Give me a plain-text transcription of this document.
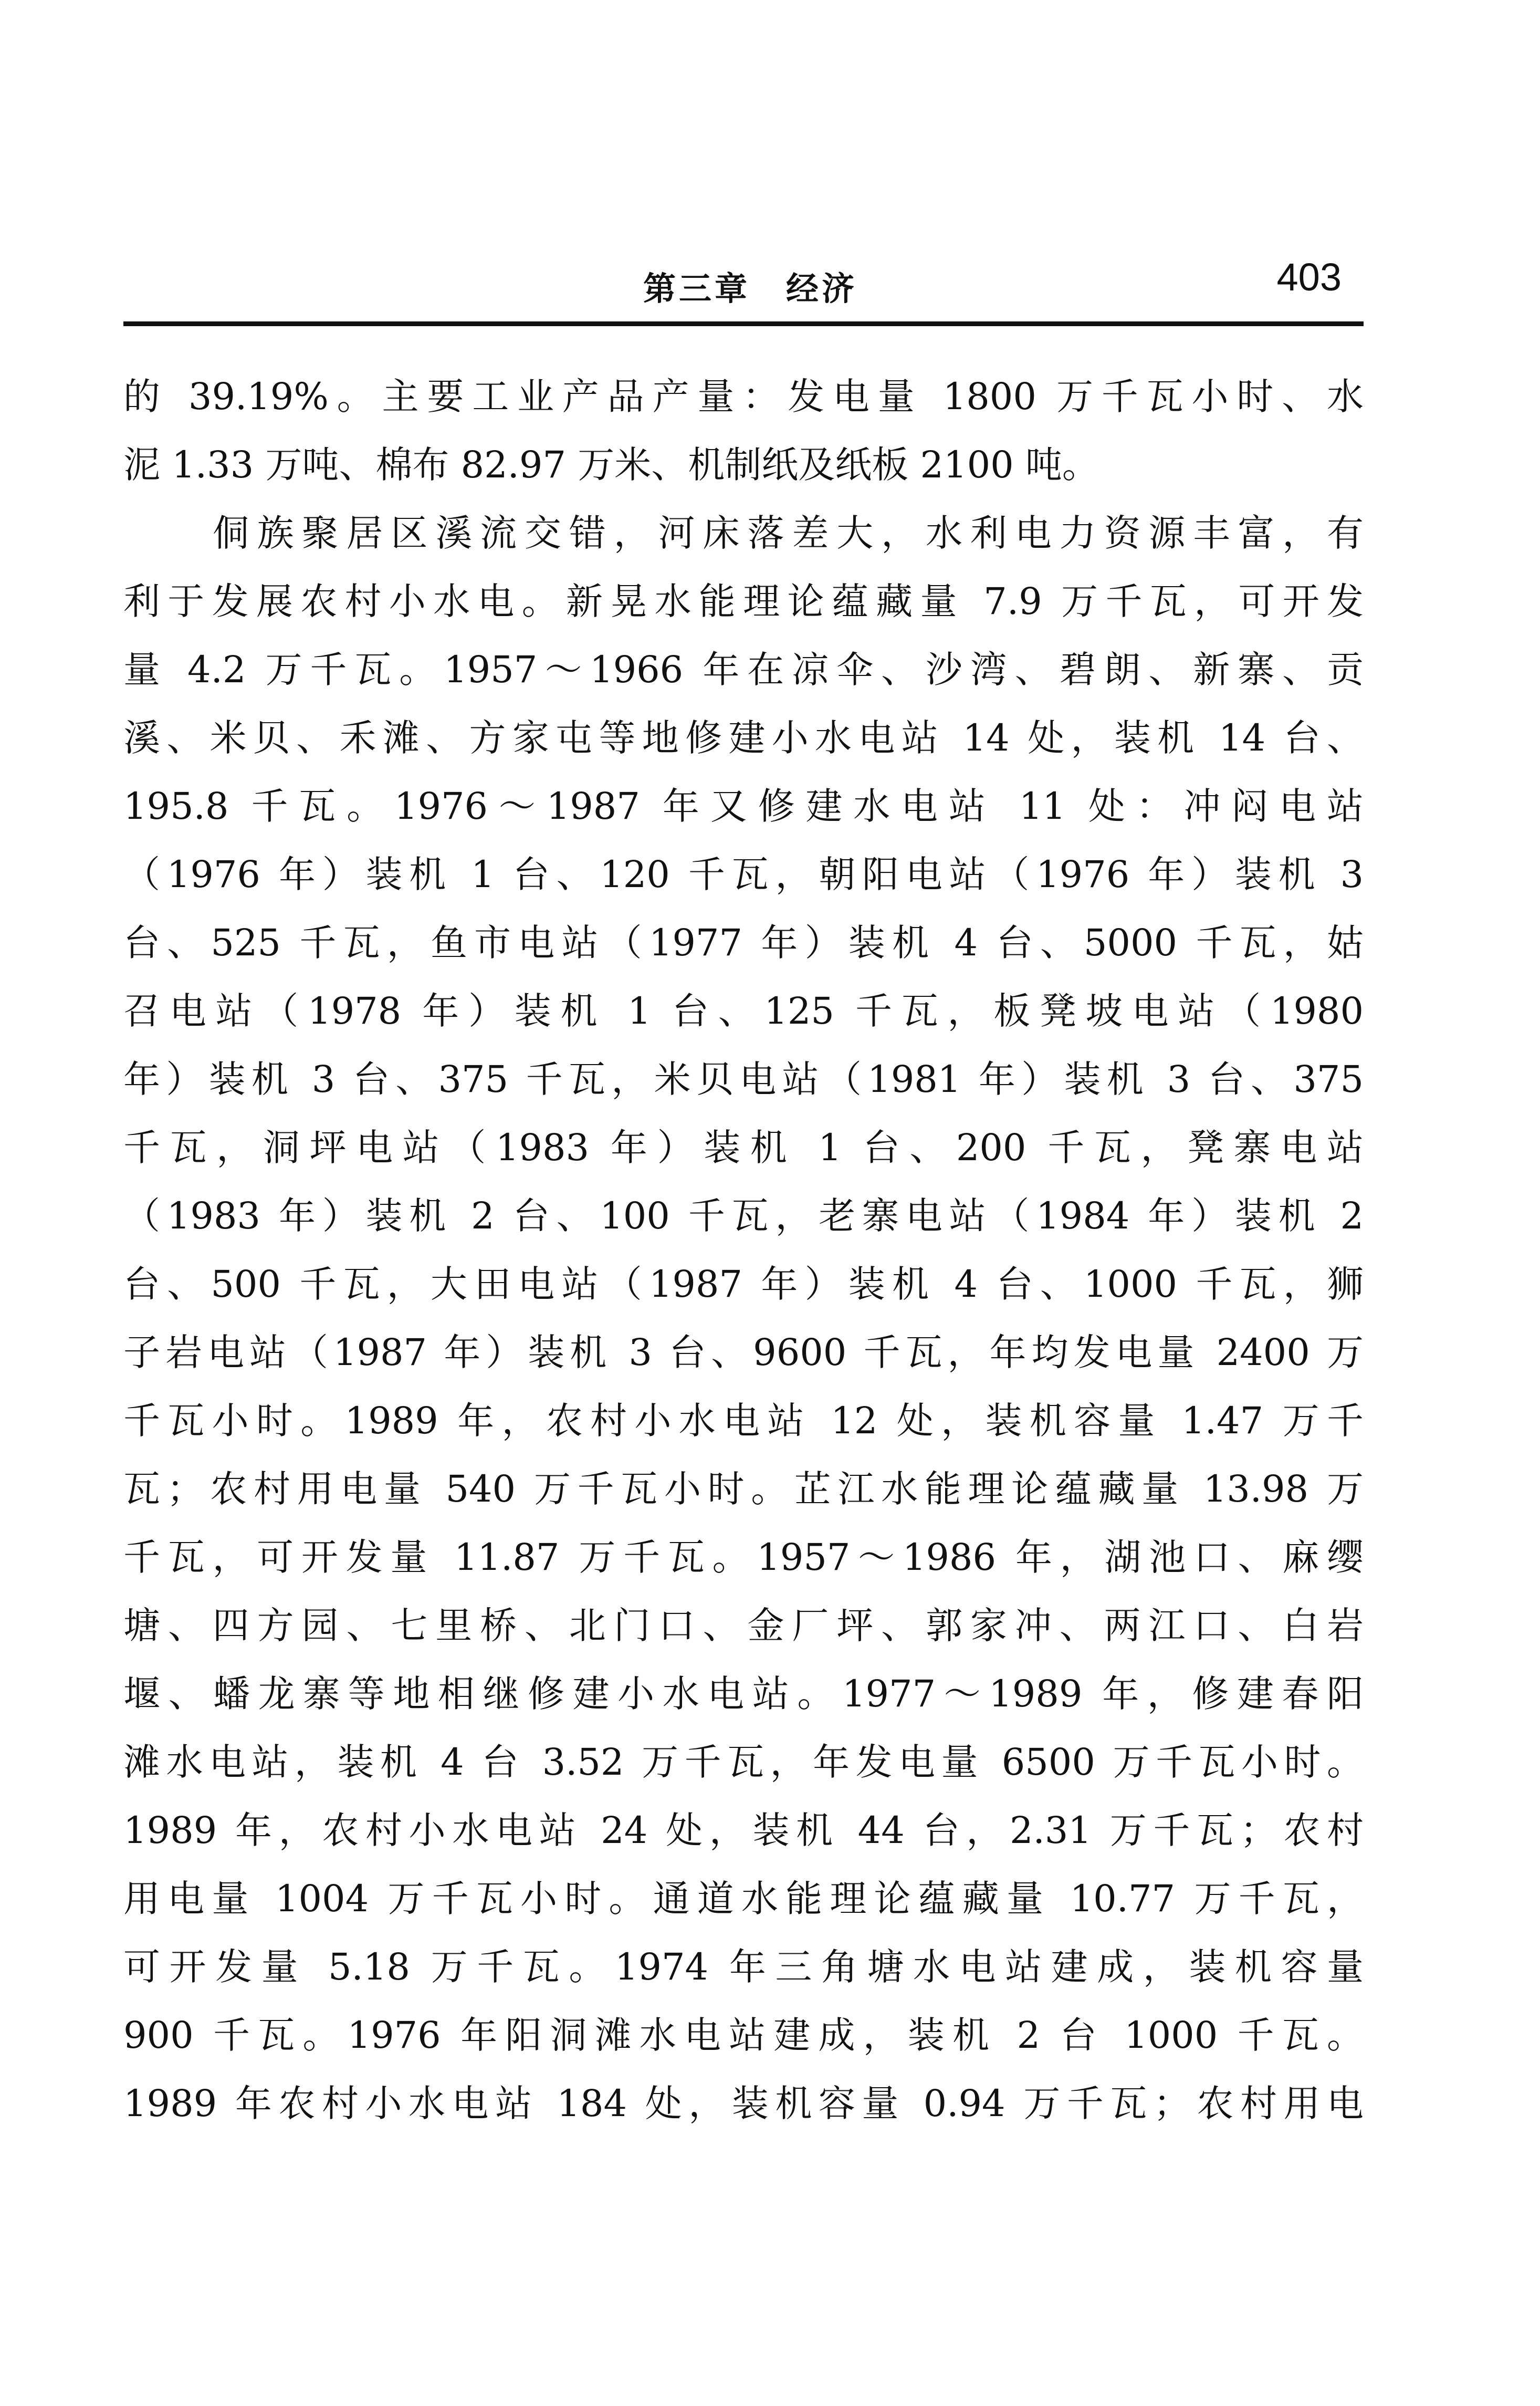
第三章　经济	403
的 39.19%。主要工业产品产量：发电量 1800 万千瓦小时、水
泥 1.33 万吨、棉布 82.97 万米、机制纸及纸板 2100 吨。
　　侗族聚居区溪流交错，河床落差大，水利电力资源丰富，有
利于发展农村小水电。新晃水能理论蕴藏量 7.9 万千瓦，可开发
量 4.2 万千瓦。1957～1966 年在凉伞、沙湾、碧朗、新寨、贡
溪、米贝、禾滩、方家屯等地修建小水电站 14 处，装机 14 台、
195.8 千瓦。1976～1987 年又修建水电站 11 处：冲闷电站
（1976 年）装机 1 台、120 千瓦，朝阳电站（1976 年）装机 3
台、525 千瓦，鱼市电站（1977 年）装机 4 台、5000 千瓦，姑
召电站（1978 年）装机 1 台、125 千瓦，板凳坡电站（1980
年）装机 3 台、375 千瓦，米贝电站（1981 年）装机 3 台、375
千瓦，洞坪电站（1983 年）装机 1 台、200 千瓦，凳寨电站
（1983 年）装机 2 台、100 千瓦，老寨电站（1984 年）装机 2
台、500 千瓦，大田电站（1987 年）装机 4 台、1000 千瓦，狮
子岩电站（1987 年）装机 3 台、9600 千瓦，年均发电量 2400 万
千瓦小时。1989 年，农村小水电站 12 处，装机容量 1.47 万千
瓦；农村用电量 540 万千瓦小时。芷江水能理论蕴藏量 13.98 万
千瓦，可开发量 11.87 万千瓦。1957～1986 年，湖池口、麻缨
塘、四方园、七里桥、北门口、金厂坪、郭家冲、两江口、白岩
堰、蟠龙寨等地相继修建小水电站。1977～1989 年，修建春阳
滩水电站，装机 4 台 3.52 万千瓦，年发电量 6500 万千瓦小时。
1989 年，农村小水电站 24 处，装机 44 台，2.31 万千瓦；农村
用电量 1004 万千瓦小时。通道水能理论蕴藏量 10.77 万千瓦，
可开发量 5.18 万千瓦。1974 年三角塘水电站建成，装机容量
900 千瓦。1976 年阳洞滩水电站建成，装机 2 台 1000 千瓦。
1989 年农村小水电站 184 处，装机容量 0.94 万千瓦；农村用电
